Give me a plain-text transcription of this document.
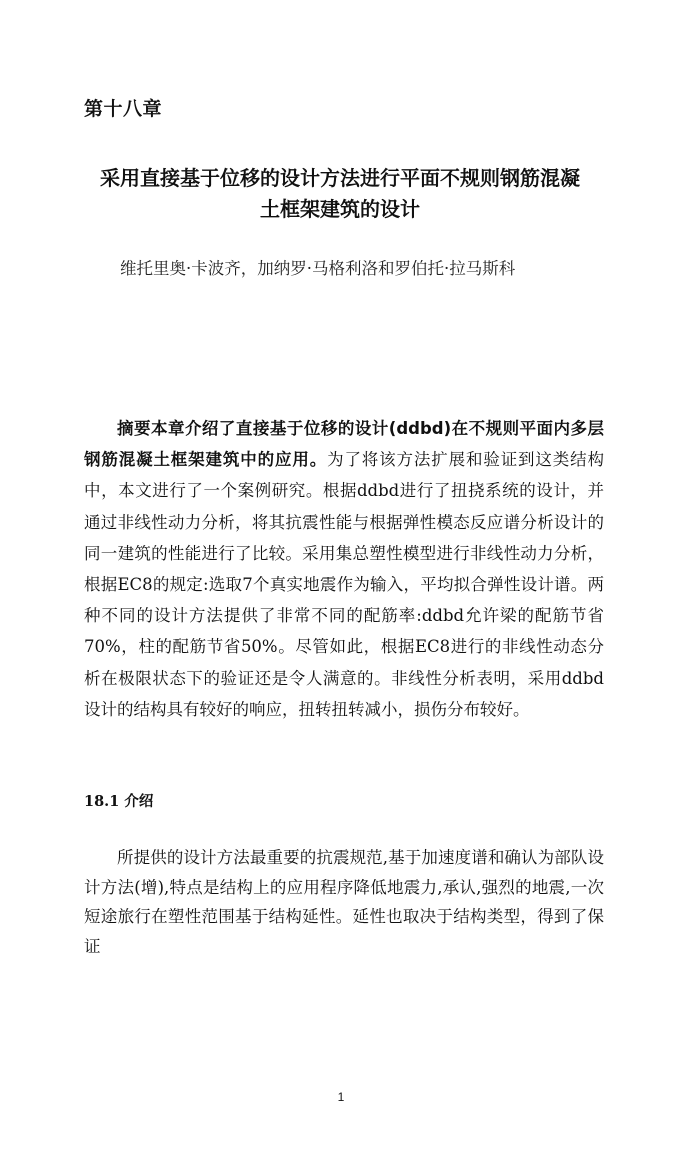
第十八章
采用直接基于位移的设计方法进行平面不规则钢筋混凝
土框架建筑的设计
维托里奥·卡波齐，加纳罗·马格利洛和罗伯托·拉马斯科
摘要本章介绍了直接基于位移的设计(ddbd)在不规则平面内多层钢筋混凝土框架建筑中的应用。为了将该方法扩展和验证到这类结构中，本文进行了一个案例研究。根据ddbd进行了扭挠系统的设计，并通过非线性动力分析，将其抗震性能与根据弹性模态反应谱分析设计的同一建筑的性能进行了比较。采用集总塑性模型进行非线性动力分析，根据EC8的规定:选取7个真实地震作为输入，平均拟合弹性设计谱。两种不同的设计方法提供了非常不同的配筋率:ddbd允许梁的配筋节省70%，柱的配筋节省50%。尽管如此，根据EC8进行的非线性动态分析在极限状态下的验证还是令人满意的。非线性分析表明，采用ddbd设计的结构具有较好的响应，扭转扭转减小，损伤分布较好。
18.1 介绍
所提供的设计方法最重要的抗震规范,基于加速度谱和确认为部队设计方法(增),特点是结构上的应用程序降低地震力,承认,强烈的地震,一次短途旅行在塑性范围基于结构延性。延性也取决于结构类型，得到了保证
1
